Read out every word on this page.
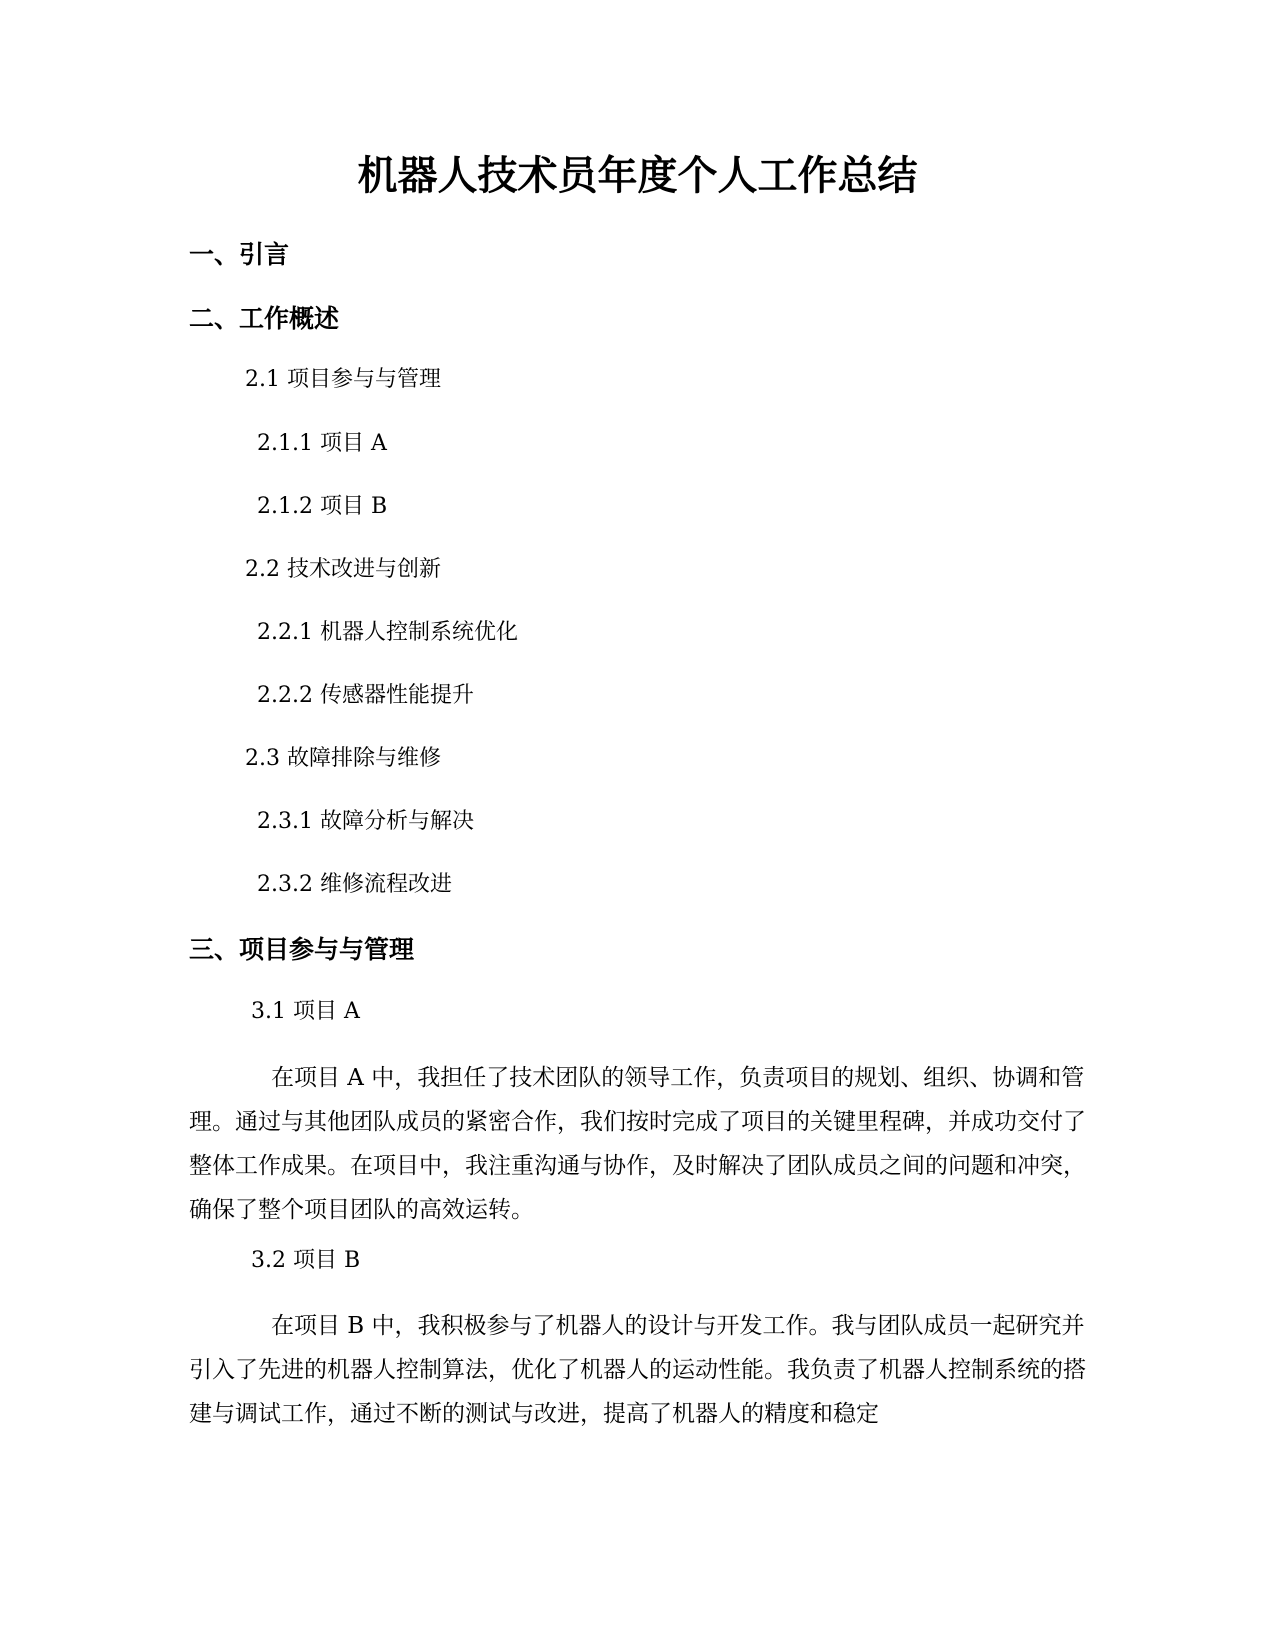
机器人技术员年度个人工作总结
一、引言
二、工作概述

2.1 项目参与与管理

2.1.1 项目 A

2.1.2 项目 B

2.2 技术改进与创新

2.2.1 机器人控制系统优化

2.2.2 传感器性能提升

2.3 故障排除与维修

2.3.1 故障分析与解决

2.3.2 维修流程改进

三、项目参与与管理

3.1 项目 A

在项目 A 中，我担任了技术团队的领导工作，负责项目的规划、组织、协调和管理。通过与其他团队成员的紧密合作，我们按时完成了项目的关键里程碑，并成功交付了整体工作成果。在项目中，我注重沟通与协作，及时解决了团队成员之间的问题和冲突，确保了整个项目团队的高效运转。

3.2 项目 B

在项目 B 中，我积极参与了机器人的设计与开发工作。我与团队成员一起研究并引入了先进的机器人控制算法，优化了机器人的运动性能。我负责了机器人控制系统的搭建与调试工作，通过不断的测试与改进，提高了机器人的精度和稳定
